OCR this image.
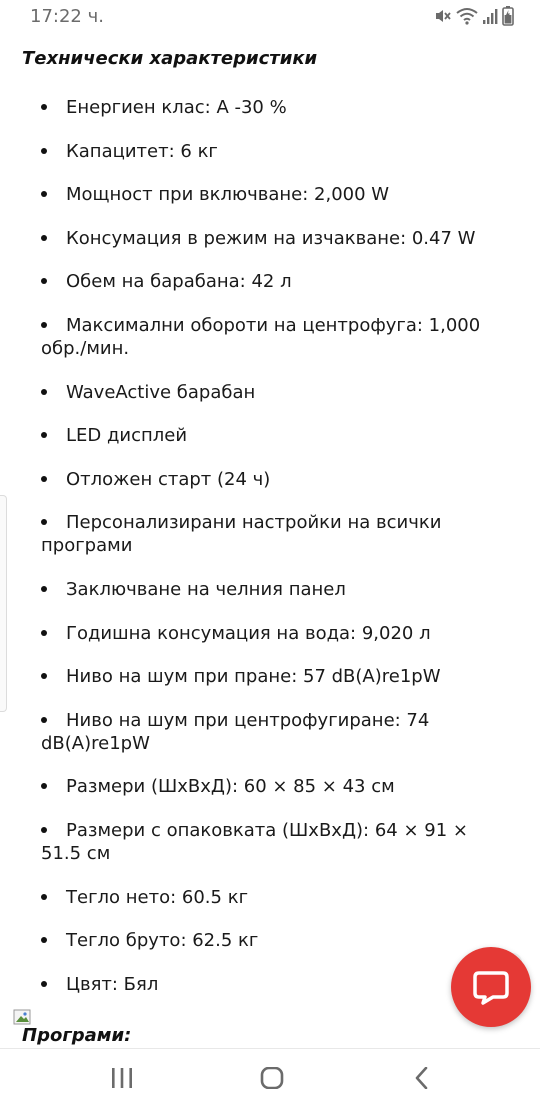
17:22 ч.
Технически характеристики
Енергиен клас: А -30 %
Капацитет: 6 кг
Мощност при включване: 2,000 W
Консумация в режим на изчакване: 0.47 W
Обем на барабана: 42 л
Максимални обороти на центрофуга: 1,000 обр./мин.
WaveActive барабан
LED дисплей
Отложен старт (24 ч)
Персонализирани настройки на всички програми
Заключване на челния панел
Годишна консумация на вода: 9,020 л
Ниво на шум при пране: 57 dB(A)re1pW
Ниво на шум при центрофугиране: 74 dB(A)re1pW
Размери (ШхВхД): 60 × 85 × 43 см
Размери с опаковката (ШхВхД): 64 × 91 × 51.5 см
Тегло нето: 60.5 кг
Тегло бруто: 62.5 кг
Цвят: Бял
Програми:
